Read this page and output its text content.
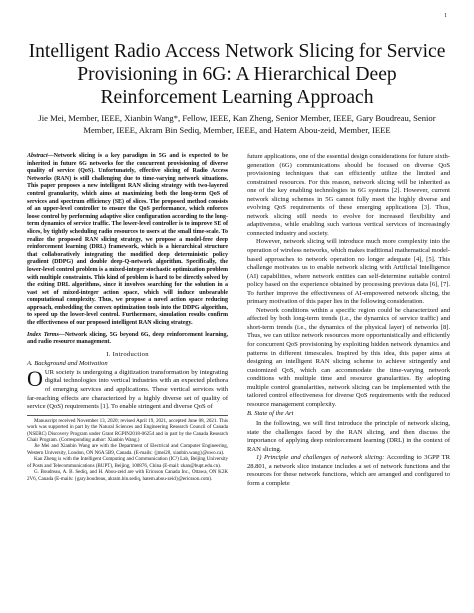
1
Intelligent Radio Access Network Slicing for Service Provisioning in 6G: A Hierarchical Deep Reinforcement Learning Approach
Jie Mei, Member, IEEE, Xianbin Wang*, Fellow, IEEE, Kan Zheng, Senior Member, IEEE, Gary Boudreau, Senior Member, IEEE, Akram Bin Sediq, Member, IEEE, and Hatem Abou-zeid, Member, IEEE

Abstract—Network slicing is a key paradigm in 5G and is expected to be inherited in future 6G networks for the concurrent provisioning of diverse quality of service (QoS). Unfortunately, effective slicing of Radio Access Networks (RAN) is still challenging due to time-varying network situations. This paper proposes a new intelligent RAN slicing strategy with two-layered control granularity, which aims at maximizing both the long-term QoS of services and spectrum efficiency (SE) of slices. The proposed method consists of an upper-level controller to ensure the QoS performance, which enforces loose control by performing adaptive slice configuration according to the long-term dynamics of service traffic. The lower-level controller is to improve SE of slices, by tightly scheduling radio resources to users at the small time-scale. To realize the proposed RAN slicing strategy, we propose a model-free deep reinforcement learning (DRL) framework, which is a hierarchical structure that collaboratively integrating the modified deep deterministic policy gradient (DDPG) and double deep-Q-network algorithm. Specifically, the lower-level control problem is a mixed-integer stochastic optimization problem with multiple constraints. This kind of problem is hard to be directly solved by the exiting DRL algorithms, since it involves searching for the solution in a vast set of mixed-integer action space, which will induce unbearable computational complexity. Thus, we propose a novel action space reducing approach, embedding the convex optimization tools into the DDPG algorithm, to speed up the lower-level control. Furthermore, simulation results confirm the effectiveness of our proposed intelligent RAN slicing strategy.

Index Terms—Network slicing, 5G beyond 6G, deep reinforcement learning, and radio resource management.

I. Introduction
A. Background and Motivation

OUR society is undergoing a digitization transformation by integrating digital technologies into vertical industries with an expected plethora of emerging services and applications. These vertical services with far-reaching effects are characterized by a highly diverse set of quality of service (QoS) requirements [1]. To enable stringent and diverse QoS of

Manuscript received November 13, 2020; revised April 19, 2021, accepted June 08, 2021. This work was supported in part by the Natural Sciences and Engineering Research Council of Canada (NSERC) Discovery Program under Grant RGPIN2018-06254 and in part by the Canada Research Chair Program. (Corresponding author: Xianbin Wang.)

Jie Mei and Xianbin Wang are with the Department of Electrical and Computer Engineering, Western University, London, ON N6A 5B9, Canada. (E-mails: {jmei28, xianbin.wang}@uwo.ca).

Kan Zheng is with the Intelligent Computing and Communication (IC²) Lab, Beijing University of Posts and Telecommunications (BUPT), Beijing, 100876, China (E-mail: zkan@bupt.edu.cn).

G. Boudreau, A. B. Sediq, and H. Abou-zeid are with Ericsson Canada Inc., Ottawa, ON K2K 2V6, Canada (E-mails: {gary.boudreau, akram.bin.sediq, hatem.abou-zeid}@ericsson.com).

future applications, one of the essential design considerations for future sixth-generation (6G) communications should be focused on diverse QoS provisioning techniques that can efficiently utilize the limited and constrained resources. For this reason, network slicing will be inherited as one of the key enabling technologies in 6G systems [2]. However, current network slicing schemes in 5G cannot fully meet the highly diverse and evolving QoS requirements of these emerging applications [3]. Thus, network slicing still needs to evolve for increased flexibility and adaptiveness, while enabling such various vertical services of increasingly connected industry and society.

However, network slicing will introduce much more complexity into the operation of wireless networks, which makes traditional mathematical model-based approaches to network operation no longer adequate [4], [5]. This challenge motivates us to enable network slicing with Artificial Intelligence (AI) capabilities, where network entities can self-determine suitable control policy based on the experience obtained by processing previous data [6], [7]. To further improve the effectiveness of AI-empowered network slicing, the primary motivation of this paper lies in the following consideration.

Network conditions within a specific region could be characterized and affected by both long-term trends (i.e., the dynamics of service traffic) and short-term trends (i.e., the dynamics of the physical layer) of networks [8]. Thus, we can utilize network resources more opportunistically and efficiently for concurrent QoS provisioning by exploiting hidden network dynamics and patterns in different timescales. Inspired by this idea, this paper aims at designing an intelligent RAN slicing scheme to achieve stringently and customized QoS, which can accommodate the time-varying network conditions with multiple time and resource granularities. By adopting multiple control granularities, network slicing can be implemented with the tailored control effectiveness for diverse QoS requirements with the reduced resource management complexity.

B. State of the Art

In the following, we will first introduce the principle of network slicing, state the challenges faced by the RAN slicing, and then discuss the importance of applying deep reinforcement learning (DRL) in the context of RAN slicing.

1) Principle and challenges of network slicing: According to 3GPP TR 28.801, a network slice instance includes a set of network functions and the resources for these network functions, which are arranged and configured to form a complete
